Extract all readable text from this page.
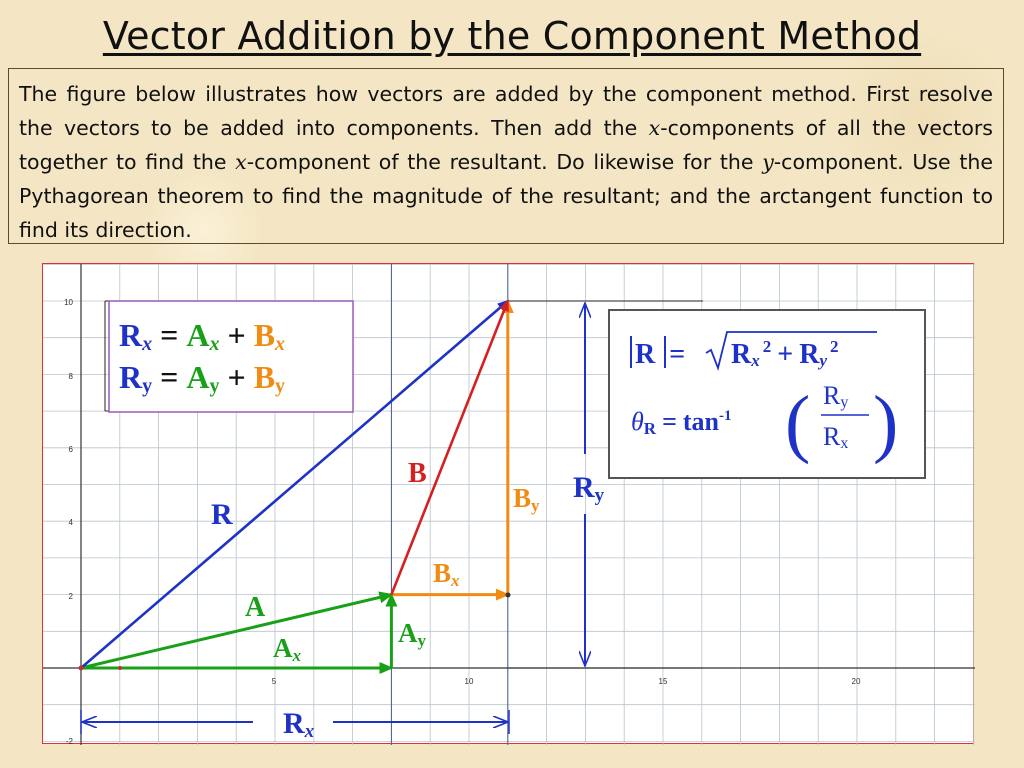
Vector Addition by the Component Method

The figure below illustrates how vectors are added by the component method. First resolve the vectors to be added into components. Then add the x-components of all the vectors together to find the x-component of the resultant. Do likewise for the y-component. Use the Pythagorean theorem to find the magnitude of the resultant; and the arctangent function to find its direction.

5	10	15	20
10
8
6
4
2
-2
R
A
B
Ax
Ay
Bx
By
Rx
Ry
Rx = Ax + Bx
Ry = Ay + By
$R = Rx^2 + Ry^2$
$\theta R = \tan^{-1}$ ( )
Ry
Rx
